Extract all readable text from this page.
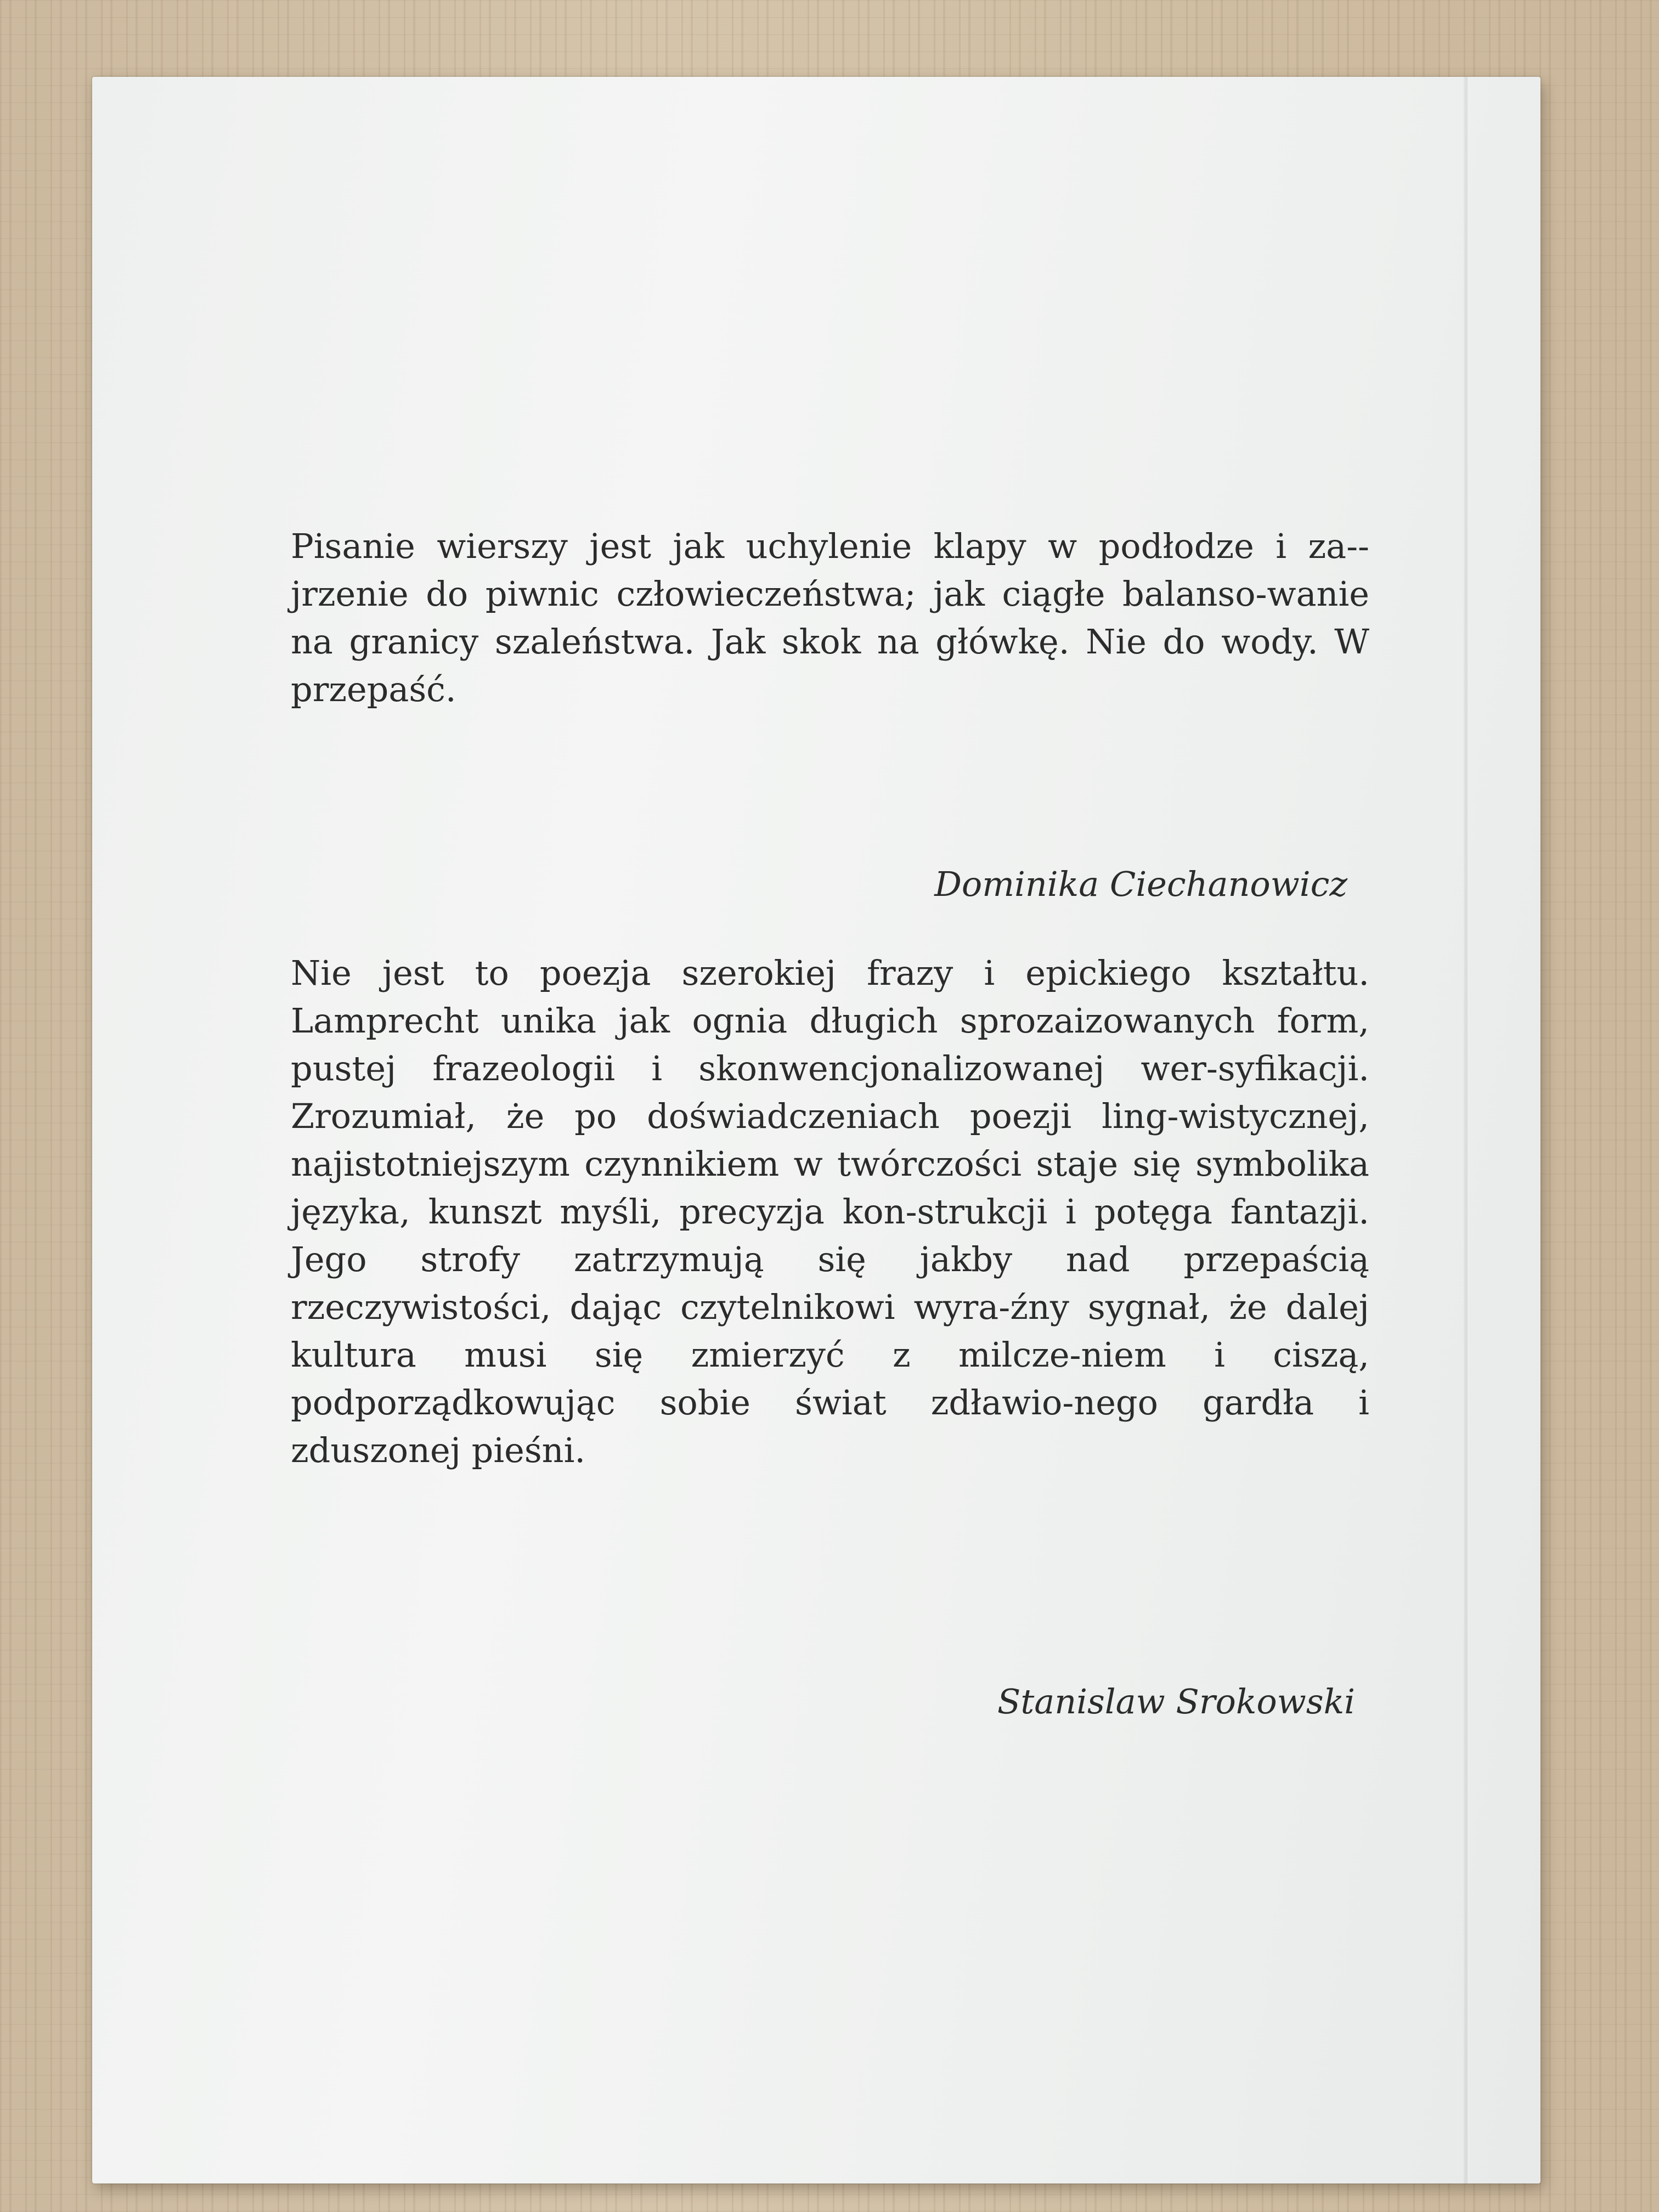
Pisanie wierszy jest jak uchylenie klapy w podłodze i za-jrzenie do piwnic człowieczeństwa; jak ciągłe balanso-wanie na granicy szaleństwa. Jak skok na główkę. Nie do wody. W przepaść.

Dominika Ciechanowicz

Nie jest to poezja szerokiej frazy i epickiego kształtu. Lamprecht unika jak ognia długich sprozaizowanych form, pustej frazeologii i skonwencjonalizowanej wer-syfikacji. Zrozumiał, że po doświadczeniach poezji ling-wistycznej, najistotniejszym czynnikiem w twórczości staje się symbolika języka, kunszt myśli, precyzja kon-strukcji i potęga fantazji. Jego strofy zatrzymują się jakby nad przepaścią rzeczywistości, dając czytelnikowi wyra-źny sygnał, że dalej kultura musi się zmierzyć z milcze-niem i ciszą, podporządkowując sobie świat zdławio-nego gardła i zduszonej pieśni.

Stanislaw Srokowski
